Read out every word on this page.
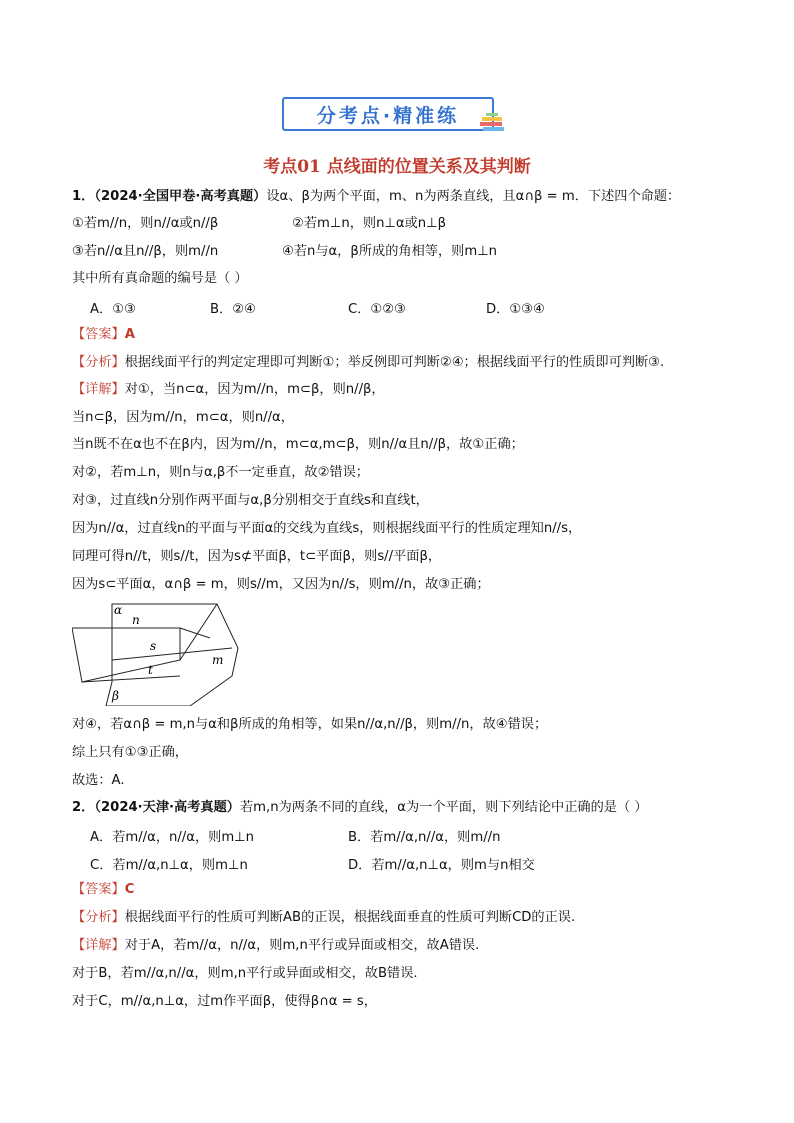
分考点·精准练
考点01 点线面的位置关系及其判断
1．（2024·全国甲卷·高考真题）设α、β为两个平面，m、n为两条直线，且α∩β = m．下述四个命题：
①若m//n，则n//α或n//β	②若m⊥n，则n⊥α或n⊥β
③若n//α且n//β，则m//n	④若n与α，β所成的角相等，则m⊥n
其中所有真命题的编号是（ ）
A．①③	B．②④	C．①②③	D．①③④
【答案】A
【分析】根据线面平行的判定定理即可判断①；举反例即可判断②④；根据线面平行的性质即可判断③.
【详解】对①，当n⊂α，因为m//n，m⊂β，则n//β，
当n⊂β，因为m//n，m⊂α，则n//α，
当n既不在α也不在β内，因为m//n，m⊂α,m⊂β，则n//α且n//β，故①正确；
对②，若m⊥n，则n与α,β不一定垂直，故②错误；
对③，过直线n分别作两平面与α,β分别相交于直线s和直线t，
因为n//α，过直线n的平面与平面α的交线为直线s，则根据线面平行的性质定理知n//s，
同理可得n//t，则s//t，因为s⊄平面β，t⊂平面β，则s//平面β，
因为s⊂平面α，α∩β = m，则s//m，又因为n//s，则m//n，故③正确；
α
n
s
m
t
β
对④，若α∩β = m,n与α和β所成的角相等，如果n//α,n//β，则m//n，故④错误；
综上只有①③正确，
故选：A.
2．（2024·天津·高考真题）若m,n为两条不同的直线，α为一个平面，则下列结论中正确的是（ ）
A．若m//α，n//α，则m⊥n	B．若m//α,n//α，则m//n
C．若m//α,n⊥α，则m⊥n	D．若m//α,n⊥α，则m与n相交
【答案】C
【分析】根据线面平行的性质可判断AB的正误，根据线面垂直的性质可判断CD的正误.
【详解】对于A，若m//α，n//α，则m,n平行或异面或相交，故A错误.
对于B，若m//α,n//α，则m,n平行或异面或相交，故B错误.
对于C，m//α,n⊥α，过m作平面β，使得β∩α = s，
